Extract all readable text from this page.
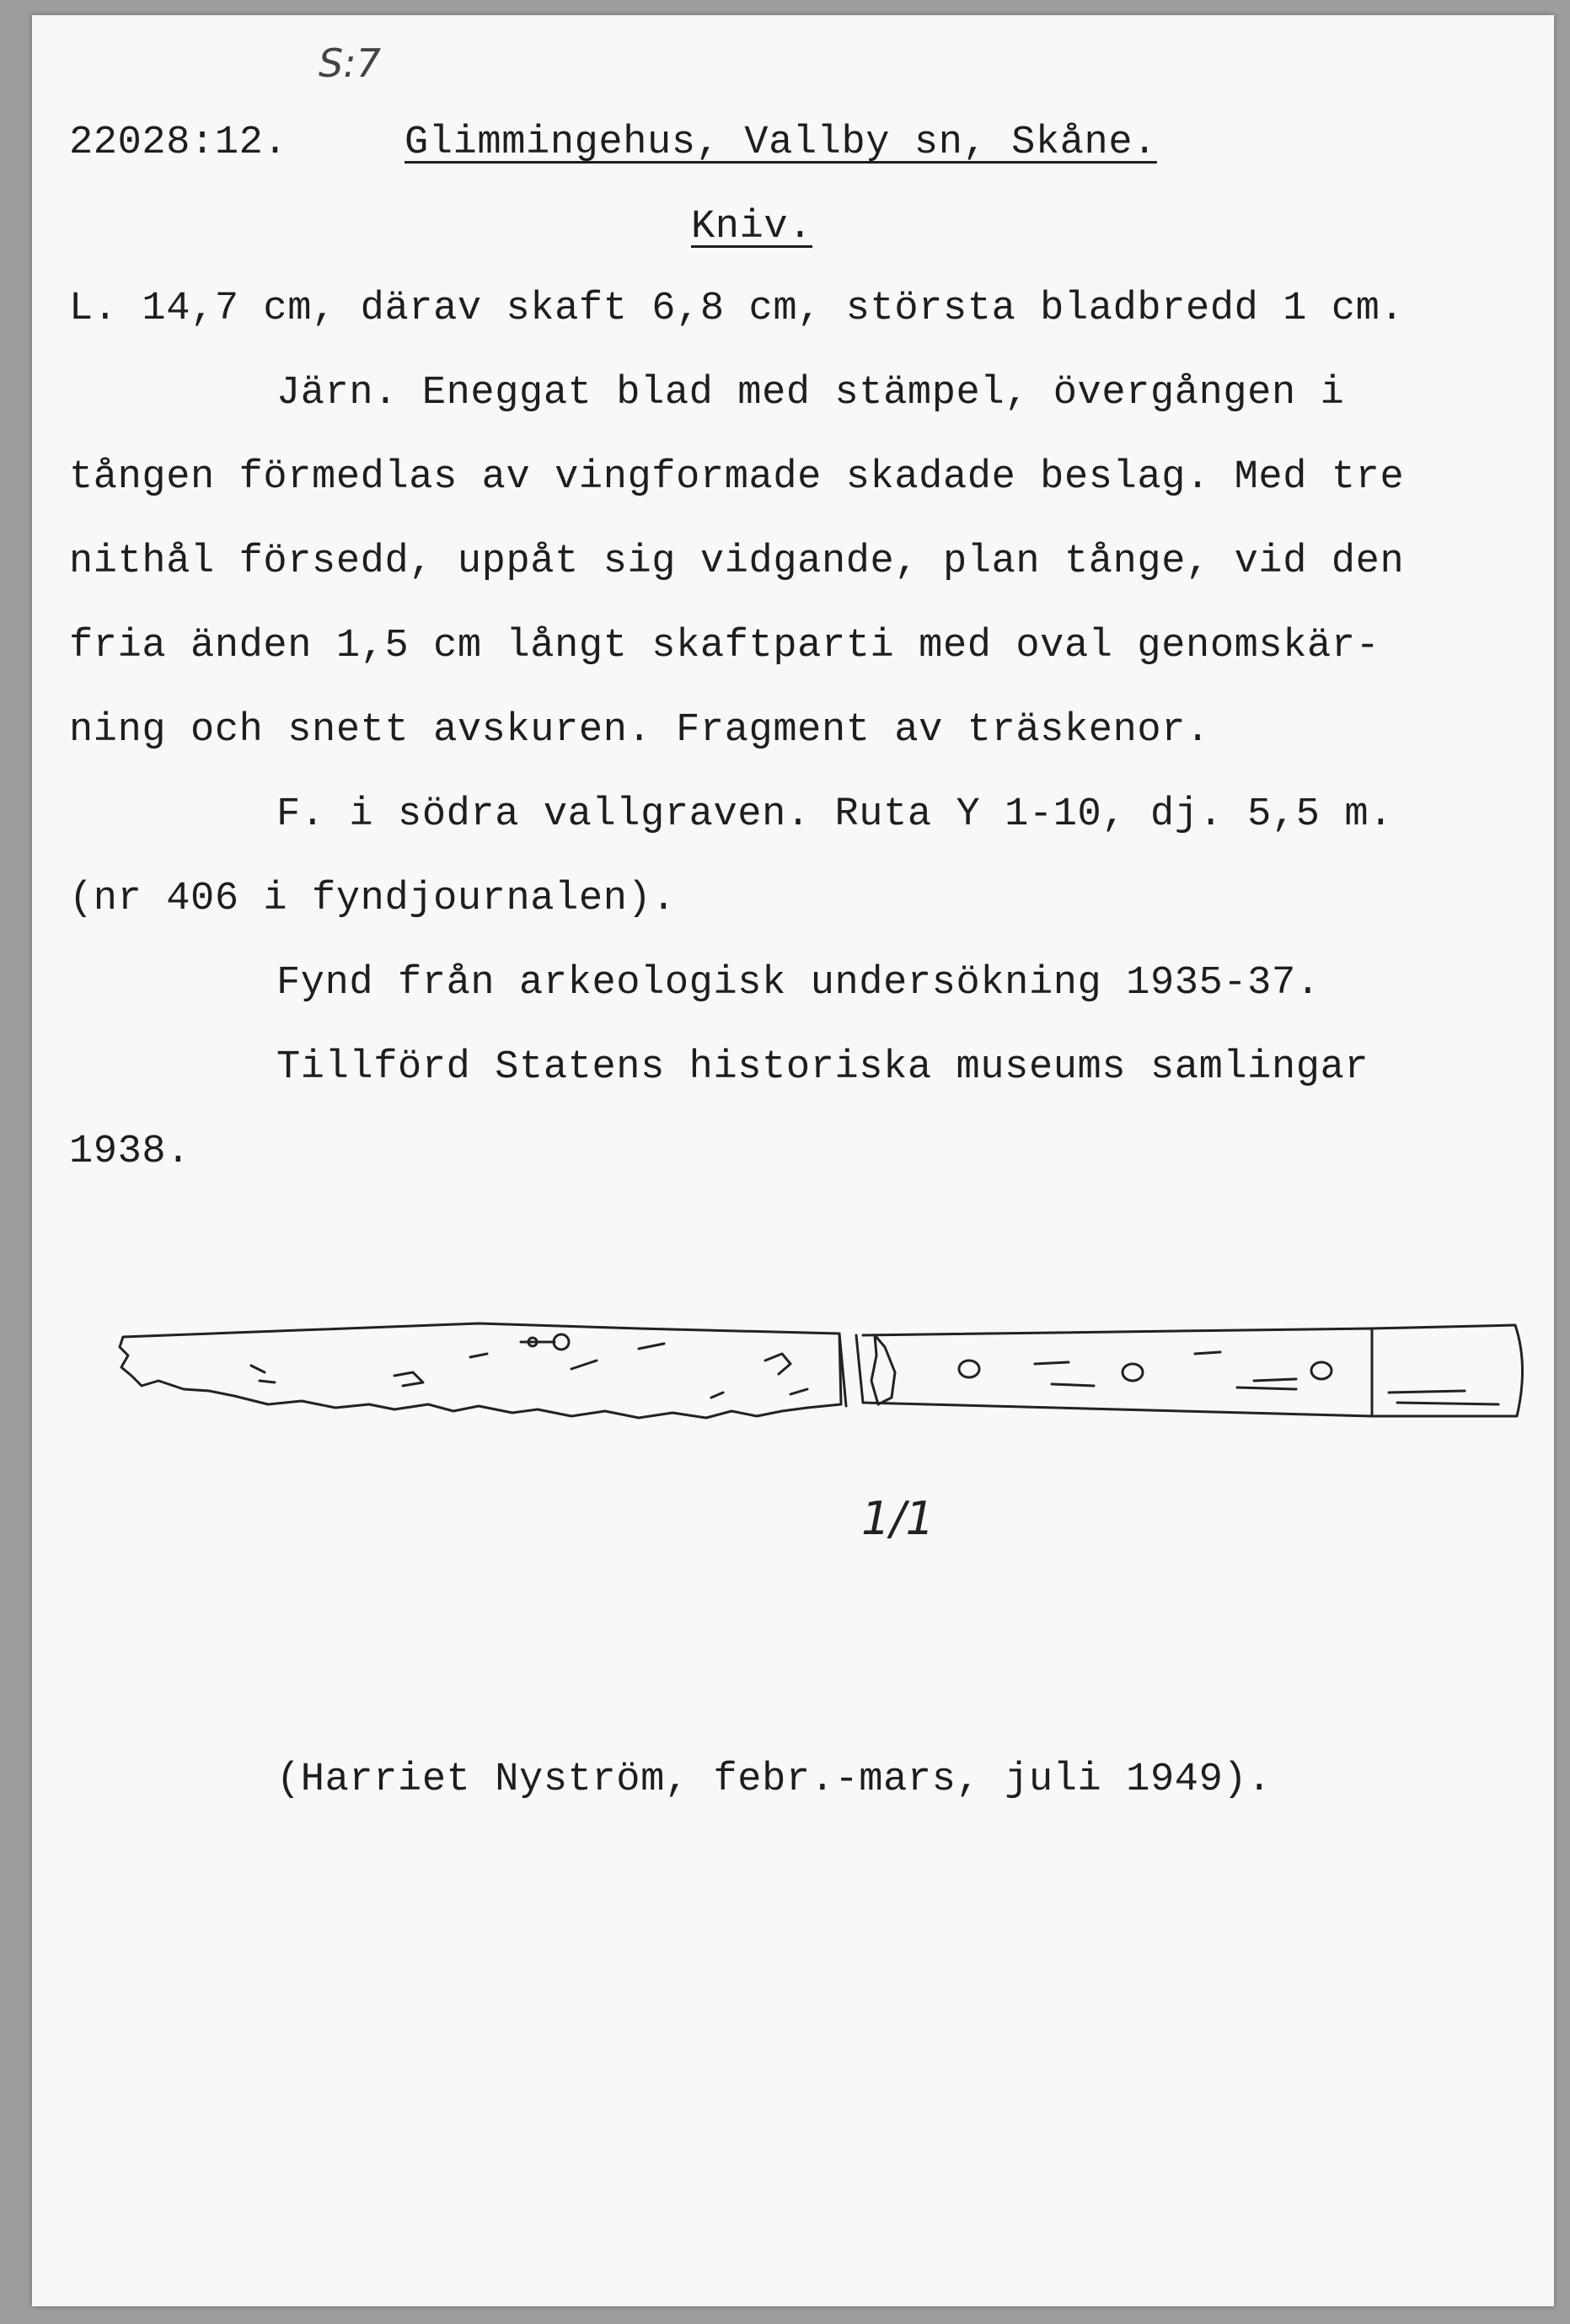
S:7
22028:12.	Glimmingehus, Vallby sn, Skåne.
Kniv.
L. 14,7 cm, därav skaft 6,8 cm, största bladbredd 1 cm.
Järn. Eneggat blad med stämpel, övergången i
tången förmedlas av vingformade skadade beslag. Med tre
nithål försedd, uppåt sig vidgande, plan tånge, vid den
fria änden 1,5 cm långt skaftparti med oval genomskär-
ning och snett avskuren. Fragment av träskenor.
F. i södra vallgraven. Ruta Y 1-10, dj. 5,5 m.
(nr 406 i fyndjournalen).
Fynd från arkeologisk undersökning 1935-37.
Tillförd Statens historiska museums samlingar
1938.
1/1
(Harriet Nyström, febr.-mars, juli 1949).
